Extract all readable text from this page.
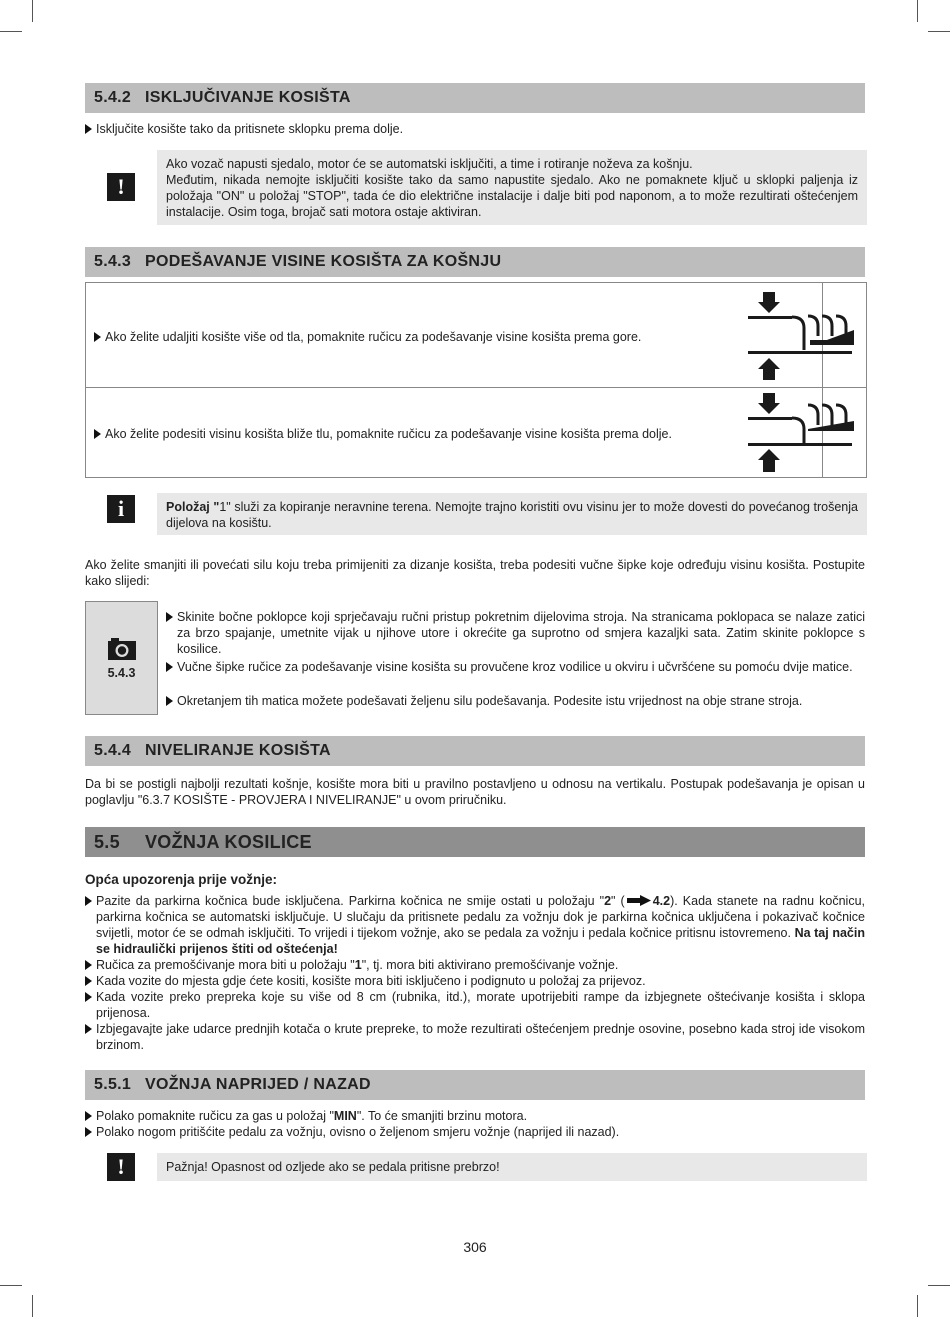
5.4.2 ISKLJUČIVANJE KOSIŠTA
Isključite kosište tako da pritisnete sklopku prema dolje.
!
Ako vozač napusti sjedalo, motor će se automatski isključiti, a time i rotiranje noževa za košnju.
Međutim, nikada nemojte isključiti kosište tako da samo napustite sjedalo. Ako ne pomaknete ključ u sklopki paljenja iz položaja "ON" u položaj "STOP", tada će dio električne instalacije i dalje biti pod naponom, a to može rezultirati oštećenjem instalacije. Osim toga, brojač sati motora ostaje aktiviran.
5.4.3 PODEŠAVANJE VISINE KOSIŠTA ZA KOŠNJU
Ako želite udaljiti kosište više od tla, pomaknite ručicu za podešavanje visine kosišta prema gore.
Ako želite podesiti visinu kosišta bliže tlu, pomaknite ručicu za podešavanje visine kosišta prema dolje.
i	Položaj "1" služi za kopiranje neravnine terena. Nemojte trajno koristiti ovu visinu jer to može dovesti do povećanog trošenja dijelova na kosištu.
Ako želite smanjiti ili povećati silu koju treba primijeniti za dizanje kosišta, treba podesiti vučne šipke koje određuju visinu kosišta. Postupite kako slijedi:
5.4.3
Skinite bočne poklopce koji sprječavaju ručni pristup pokretnim dijelovima stroja. Na stranicama poklopaca se nalaze zatici za brzo spajanje, umetnite vijak u njihove utore i okrećite ga suprotno od smjera kazaljki sata. Zatim skinite poklopce s kosilice.
Vučne šipke ručice za podešavanje visine kosišta su provučene kroz vodilice u okviru i učvršćene su pomoću dvije matice.
Okretanjem tih matica možete podešavati željenu silu podešavanja. Podesite istu vrijednost na obje strane stroja.
5.4.4 NIVELIRANJE KOSIŠTA
Da bi se postigli najbolji rezultati košnje, kosište mora biti u pravilno postavljeno u odnosu na vertikalu. Postupak podešavanja je opisan u poglavlju "6.3.7 KOSIŠTE - PROVJERA I NIVELIRANJE" u ovom priručniku.
5.5 VOŽNJA KOSILICE
Opća upozorenja prije vožnje:
Pazite da parkirna kočnica bude isključena. Parkirna kočnica ne smije ostati u položaju "2" ( 4.2). Kada stanete na radnu kočnicu, parkirna kočnica se automatski isključuje. U slučaju da pritisnete pedalu za vožnju dok je parkirna kočnica uključena i pokazivač kočnice svijetli, motor će se odmah isključiti. To vrijedi i tijekom vožnje, ako se pedala za vožnju i pedala kočnice pritisnu istovremeno. Na taj način se hidraulički prijenos štiti od oštećenja!
Ručica za premošćivanje mora biti u položaju "1", tj. mora biti aktivirano premošćivanje vožnje.
Kada vozite do mjesta gdje ćete kositi, kosište mora biti isključeno i podignuto u položaj za prijevoz.
Kada vozite preko prepreka koje su više od 8 cm (rubnika, itd.), morate upotrijebiti rampe da izbjegnete oštećivanje kosišta i sklopa prijenosa.
Izbjegavajte jake udarce prednjih kotača o krute prepreke, to može rezultirati oštećenjem prednje osovine, posebno kada stroj ide visokom brzinom.
5.5.1 VOŽNJA NAPRIJED / NAZAD
Polako pomaknite ručicu za gas u položaj "MIN". To će smanjiti brzinu motora.
Polako nogom pritišćite pedalu za vožnju, ovisno o željenom smjeru vožnje (naprijed ili nazad).
!	Pažnja! Opasnost od ozljede ako se pedala pritisne prebrzo!
306
